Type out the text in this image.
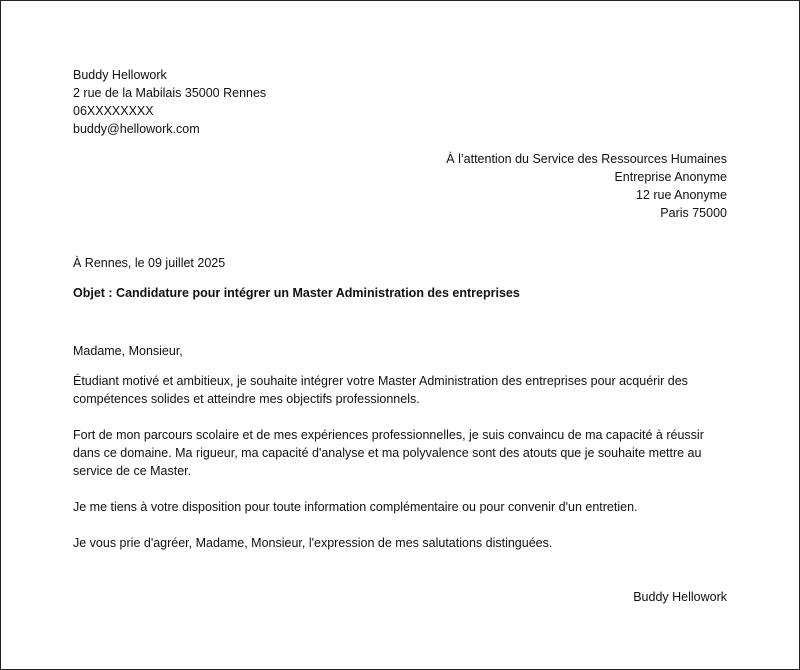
Buddy Hellowork
2 rue de la Mabilais 35000 Rennes
06XXXXXXXX
buddy@hellowork.com
À l’attention du Service des Ressources Humaines
Entreprise Anonyme
12 rue Anonyme
Paris 75000
À Rennes, le 09 juillet 2025
Objet : Candidature pour intégrer un Master Administration des entreprises
Madame, Monsieur,

Étudiant motivé et ambitieux, je souhaite intégrer votre Master Administration des entreprises pour acquérir des compétences solides et atteindre mes objectifs professionnels.

Fort de mon parcours scolaire et de mes expériences professionnelles, je suis convaincu de ma capacité à réussir dans ce domaine. Ma rigueur, ma capacité d'analyse et ma polyvalence sont des atouts que je souhaite mettre au service de ce Master.

Je me tiens à votre disposition pour toute information complémentaire ou pour convenir d'un entretien.

Je vous prie d'agréer, Madame, Monsieur, l'expression de mes salutations distinguées.

Buddy Hellowork
